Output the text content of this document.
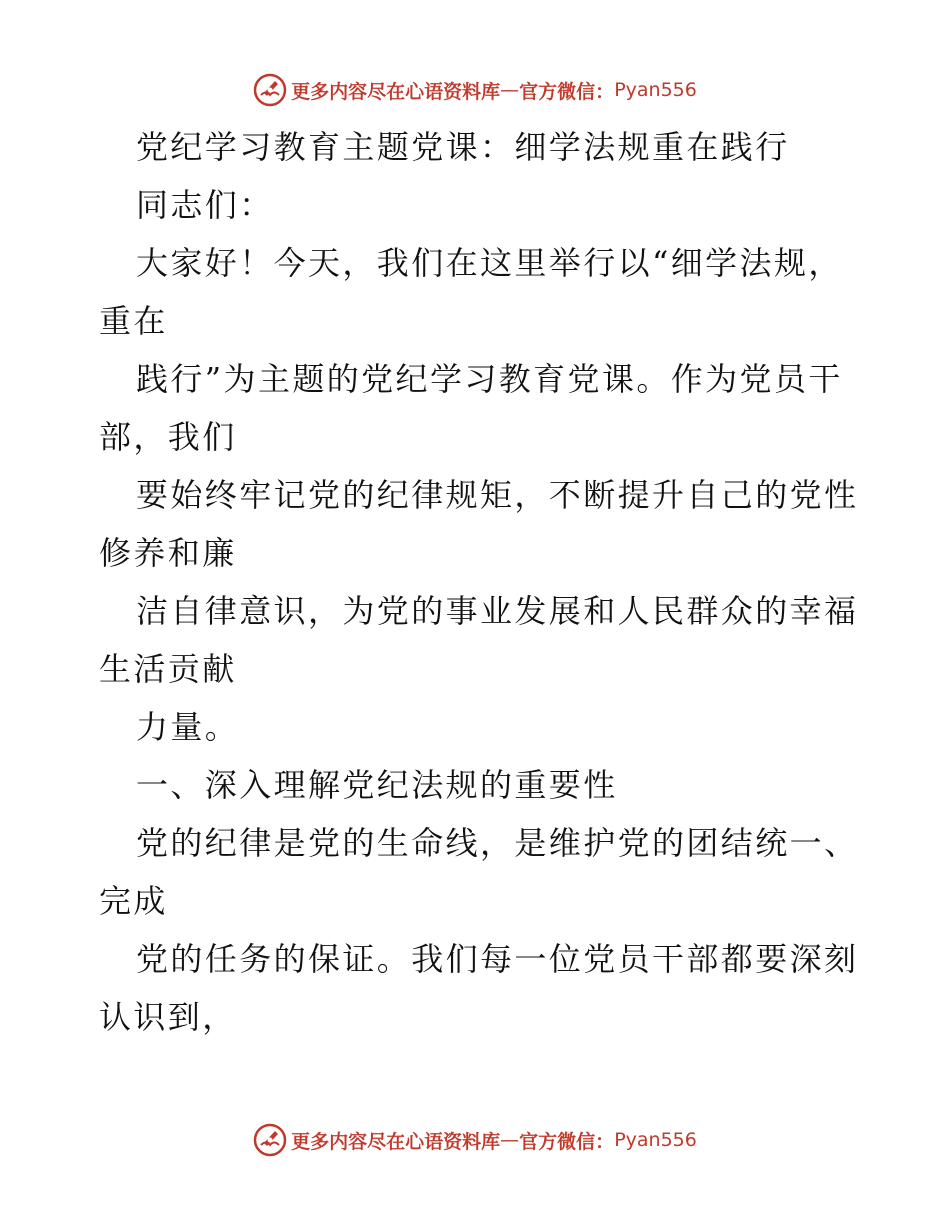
更多内容尽在心语资料库 — 官方微信： Pyan556
党纪学习教育主题党课：细学法规重在践行
同志们：
大家好！今天，我们在这里举行以“细学法规，
重在
践行”为主题的党纪学习教育党课。作为党员干
部，我们
要始终牢记党的纪律规矩，不断提升自己的党性
修养和廉
洁自律意识，为党的事业发展和人民群众的幸福
生活贡献
力量。
一、深入理解党纪法规的重要性
党的纪律是党的生命线，是维护党的团结统一、
完成
党的任务的保证。我们每一位党员干部都要深刻
认识到，
更多内容尽在心语资料库 — 官方微信： Pyan556
